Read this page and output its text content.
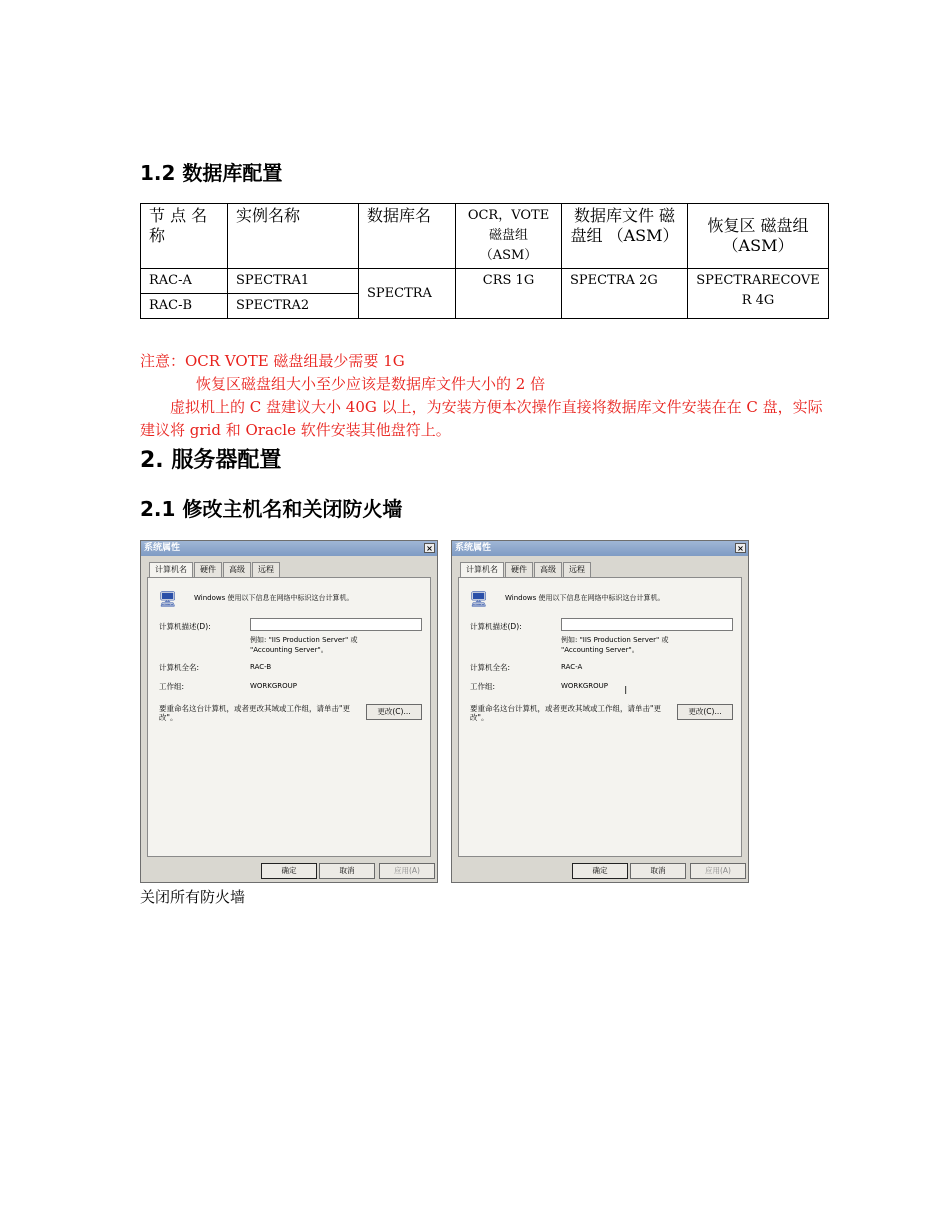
1.2 数据库配置
节 点 名 称	实例名称	数据库名	OCR，VOTE 磁盘组 （ASM）	数据库文件 磁盘组 （ASM）	恢复区 磁盘组（ASM）
RAC-A	SPECTRA1	SPECTRA	CRS 1G	SPECTRA 2G	SPECTRARECOVER 4G
RAC-B	SPECTRA2				

注意：OCR VOTE 磁盘组最少需要 1G

恢复区磁盘组大小至少应该是数据库文件大小的 2 倍

虚拟机上的 C 盘建议大小 40G 以上，为安装方便本次操作直接将数据库文件安装在在 C 盘，实际建议将 grid 和 Oracle 软件安装其他盘符上。

2. 服务器配置
2.1 修改主机名和关闭防火墙
系统属性	×
计算机名	硬件	高级	远程
🖥	Windows 使用以下信息在网络中标识这台计算机。
计算机描述(D):
例如: "IIS Production Server" 或
"Accounting Server"。
计算机全名:	RAC-B
工作组:	WORKGROUP
要重命名这台计算机，或者更改其域或工作组，请单击"更改"。
更改(C)...
确定	取消	应用(A)
系统属性	×
计算机名	硬件	高级	远程
🖥	Windows 使用以下信息在网络中标识这台计算机。
计算机描述(D):
例如: "IIS Production Server" 或
"Accounting Server"。
计算机全名:	RAC-A
工作组:	WORKGROUP I
要重命名这台计算机，或者更改其域或工作组，请单击"更改"。
更改(C)...
确定	取消	应用(A)
关闭所有防火墙
